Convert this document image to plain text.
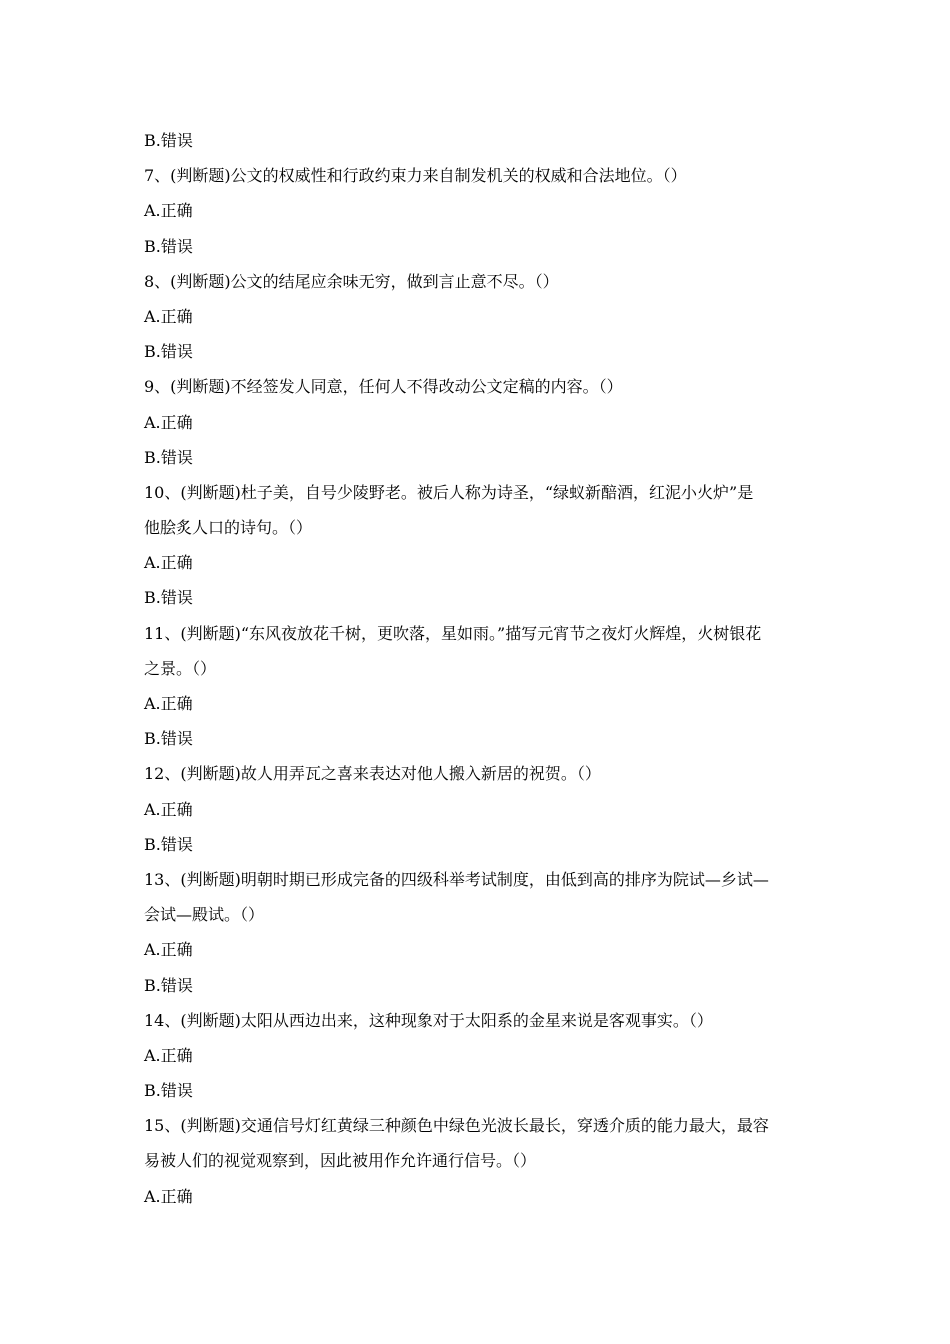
B.错误
7、(判断题)公文的权威性和行政约束力来自制发机关的权威和合法地位。（）
A.正确
B.错误
8、(判断题)公文的结尾应余味无穷，做到言止意不尽。（）
A.正确
B.错误
9、(判断题)不经签发人同意，任何人不得改动公文定稿的内容。（）
A.正确
B.错误
10、(判断题)杜子美，自号少陵野老。被后人称为诗圣，“绿蚁新醅酒，红泥小火炉”是
他脍炙人口的诗句。（）
A.正确
B.错误
11、(判断题)“东风夜放花千树，更吹落，星如雨。”描写元宵节之夜灯火辉煌，火树银花
之景。（）
A.正确
B.错误
12、(判断题)故人用弄瓦之喜来表达对他人搬入新居的祝贺。（）
A.正确
B.错误
13、(判断题)明朝时期已形成完备的四级科举考试制度，由低到高的排序为院试—乡试—
会试—殿试。（）
A.正确
B.错误
14、(判断题)太阳从西边出来，这种现象对于太阳系的金星来说是客观事实。（）
A.正确
B.错误
15、(判断题)交通信号灯红黄绿三种颜色中绿色光波长最长，穿透介质的能力最大，最容
易被人们的视觉观察到，因此被用作允许通行信号。（）
A.正确
